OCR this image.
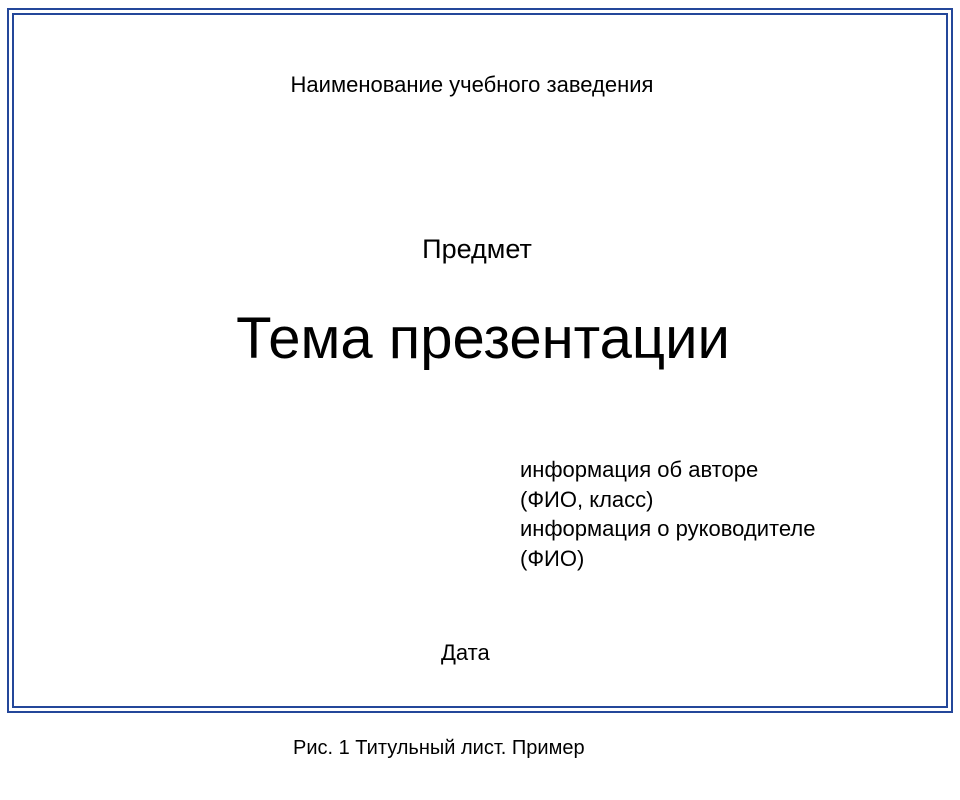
Наименование учебного заведения
Предмет
Тема презентации
информация об авторе
(ФИО, класс)
информация о руководителе
(ФИО)
Дата
Рис. 1 Титульный лист. Пример
